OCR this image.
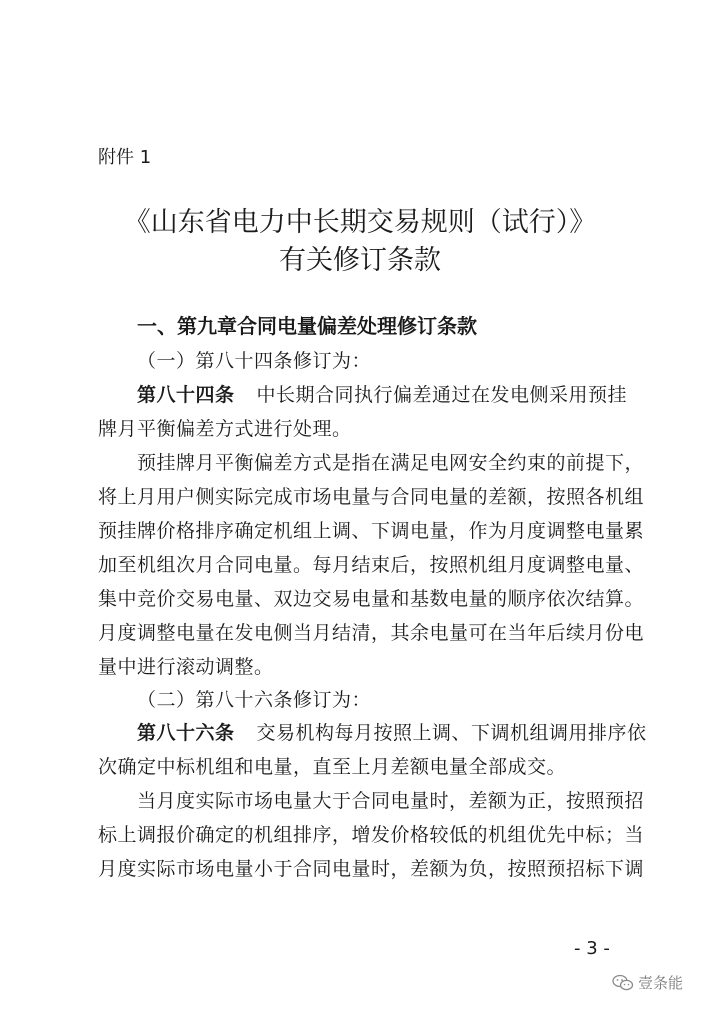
附件 1
《山东省电力中长期交易规则（试行）》
有关修订条款
一、第九章合同电量偏差处理修订条款
（一）第八十四条修订为：
第八十四条 中长期合同执行偏差通过在发电侧采用预挂
牌月平衡偏差方式进行处理。
预挂牌月平衡偏差方式是指在满足电网安全约束的前提下，
将上月用户侧实际完成市场电量与合同电量的差额，按照各机组
预挂牌价格排序确定机组上调、下调电量，作为月度调整电量累
加至机组次月合同电量。每月结束后，按照机组月度调整电量、
集中竞价交易电量、双边交易电量和基数电量的顺序依次结算。
月度调整电量在发电侧当月结清，其余电量可在当年后续月份电
量中进行滚动调整。
（二）第八十六条修订为：
第八十六条 交易机构每月按照上调、下调机组调用排序依
次确定中标机组和电量，直至上月差额电量全部成交。
当月度实际市场电量大于合同电量时，差额为正，按照预招
标上调报价确定的机组排序，增发价格较低的机组优先中标；当
月度实际市场电量小于合同电量时，差额为负，按照预招标下调
- 3 -
壹条能
